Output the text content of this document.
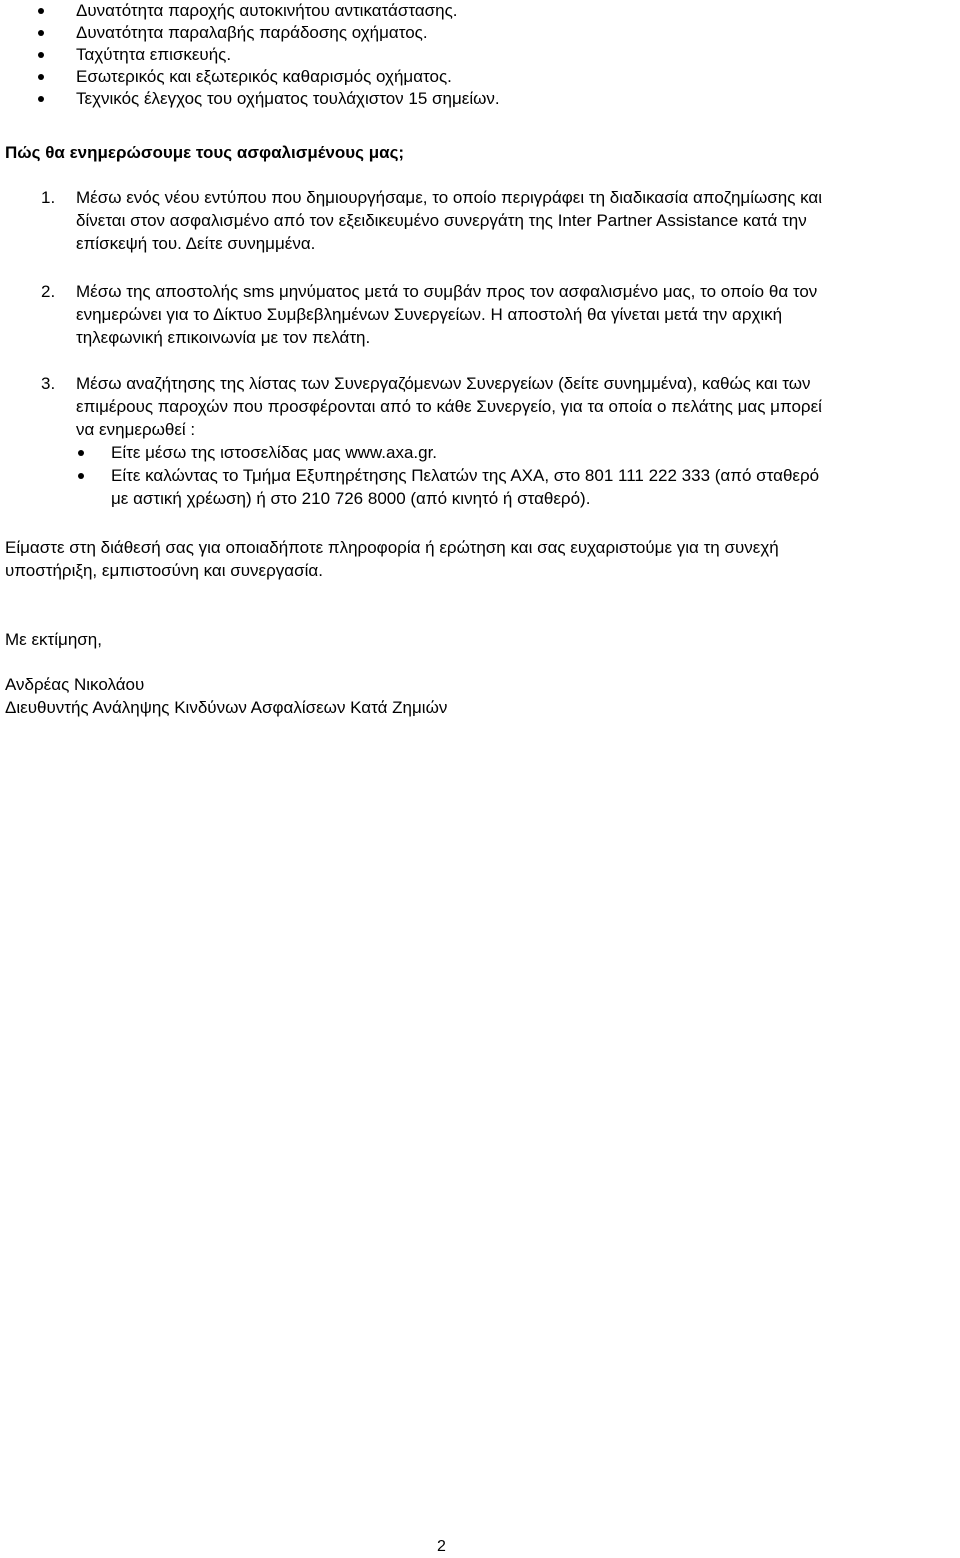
Δυνατότητα παροχής αυτοκινήτου αντικατάστασης.
Δυνατότητα παραλαβής παράδοσης οχήματος.
Ταχύτητα επισκευής.
Εσωτερικός και εξωτερικός καθαρισμός οχήματος.
Τεχνικός έλεγχος του οχήματος τουλάχιστον 15 σημείων.
Πώς θα ενημερώσουμε τους ασφαλισμένους μας;
1. Μέσω ενός νέου εντύπου που δημιουργήσαμε, το οποίο περιγράφει τη διαδικασία αποζημίωσης και
δίνεται στον ασφαλισμένο από τον εξειδικευμένο συνεργάτη της Inter Partner Assistance κατά την
επίσκεψή του. Δείτε συνημμένα.
2. Μέσω της αποστολής sms μηνύματος μετά το συμβάν προς τον ασφαλισμένο μας, το οποίο θα τον
ενημερώνει για το Δίκτυο Συμβεβλημένων Συνεργείων. Η αποστολή θα γίνεται μετά την αρχική
τηλεφωνική επικοινωνία με τον πελάτη.
3. Μέσω αναζήτησης της λίστας των Συνεργαζόμενων Συνεργείων (δείτε συνημμένα), καθώς και των
επιμέρους παροχών που προσφέρονται από το κάθε Συνεργείο, για τα οποία ο πελάτης μας μπορεί
να ενημερωθεί :
Είτε μέσω της ιστοσελίδας μας www.axa.gr.
Είτε καλώντας το Τμήμα Εξυπηρέτησης Πελατών της ΑΧΑ, στο 801 111 222 333 (από σταθερό
με αστική χρέωση) ή στο 210 726 8000 (από κινητό ή σταθερό).
Είμαστε στη διάθεσή σας για οποιαδήποτε πληροφορία ή ερώτηση και σας ευχαριστούμε για τη συνεχή
υποστήριξη, εμπιστοσύνη και συνεργασία.
Με εκτίμηση,
Ανδρέας Νικολάου
Διευθυντής Ανάληψης Κινδύνων Ασφαλίσεων Κατά Ζημιών
2
